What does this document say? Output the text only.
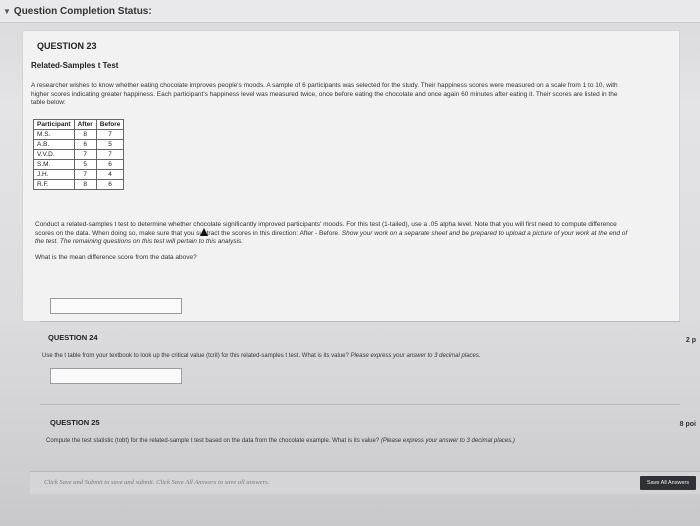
▼ Question Completion Status:
QUESTION 23
Related-Samples t Test
A researcher wishes to know whether eating chocolate improves people's moods. A sample of 6 participants was selected for the study. Their happiness scores were measured on a scale from 1 to 10, with higher scores indicating greater happiness. Each participant's happiness level was measured twice, once before eating the chocolate and once again 60 minutes after eating it. Their scores are listed in the table below:
Participant	After	Before
M.S.	8	7
A.B.	6	5
V.V.D.	7	7
S.M.	5	6
J.H.	7	4
R.F.	8	6
Conduct a related-samples t test to determine whether chocolate significantly improved participants' moods. For this test (1-tailed), use a .05 alpha level. Note that you will first need to compute difference scores on the data. When doing so, make sure that you subtract the scores in this direction: After - Before. Show your work on a separate sheet and be prepared to upload a picture of your work at the end of the test. The remaining questions on this test will pertain to this analysis.
What is the mean difference score from the data above?
QUESTION 24
Use the t table from your textbook to look up the critical value (tcrit) for this related-samples t test. What is its value? Please express your answer to 3 decimal places.
2 p
QUESTION 25
Compute the test statistic (tobt) for the related-sample t test based on the data from the chocolate example. What is its value? (Please express your answer to 3 decimal places.)
8 poi
Click Save and Submit to save and submit. Click Save All Answers to save all answers.	Save All Answers
